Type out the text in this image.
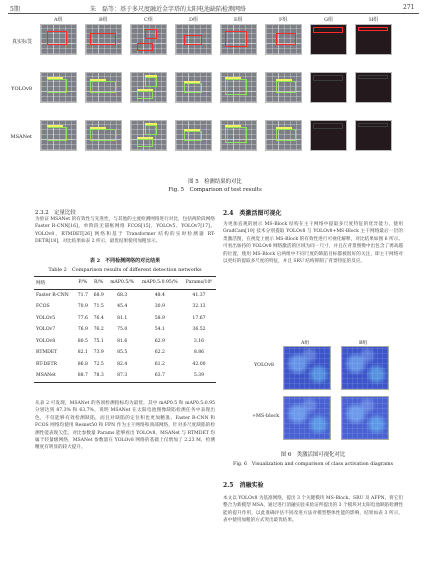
5期	朱　磊等：基于多尺度融近金字塔的太阳电池缺陷检测网络	271
A组	B组	C组	D组	E组	F组	G组	H组
真实标签
YOLOv8
MSANet
图 5　检测结果的对比
Fig. 5　Comparison of test results
2.3.2　定量比较
为验证 MSANet 的有效性与先进性，与其他的主流检测网络进行对比，包括两阶段网络 Faster R-CNN[16]，单阶段无锚框网络 FCOS[15]，YOLOv5、YOLOv7[17]、YOLOv8、RTMDET[26] 网络和基于 Transformer 结构的实时检测器 RT-DETR[18]，对比结果如表 2 所示，最优结果使用加粗显示。
表 2　不同检测网络的对比结果
Table 2　Comparison results of different detection networks
网络	P/%	R/%	mAP0.5/%	mAP0.5:0.95/%	Params/10⁶
Faster R-CNN	71.7	68.9	68.3	48.4	41.37
FCOS	70.9	71.5	45.4	30.9	32.13
YOLOv5	77.6	76.4	81.1	58.9	17.67
YOLOv7	76.9	76.2	75.0	54.1	36.52
YOLOv8	80.5	75.1	81.6	62.9	3.16
RTMDET	82.1	73.9	85.5	62.2	8.86
RT-DETR	86.8	72.5	82.4	61.2	42.00
MSANet	88.7	78.3	87.3	63.7	5.39
从表 2 可发现，MSANet 的各项检测指标均为最优，其中 mAP0.5 和 mAP0.5:0.95 分别达到 87.3% 和 63.7%，说明 MSANet 在太阳电池图像缺陷检测任务中表现出色，不仅能够有效检测缺陷，而且对缺陷的定位积也更加精准。Faster R-CNN 和 FCOS 网络均使用 Resnet50 和 FPN 作为主干网络和颈部网络，针对多尺度缺陷的检测性能表现欠佳。对比参数量 Params 能够看出 YOLOv8、MSANet 与 RTMDET 均属于轻量级网络，MSANet 参数量在 YOLOv8 网络的基础上仅增加了 2.23 M，检测精度有明显的较大提升。
2.4　类激活图可视化
为更加直观的展示 MS-Block 结构在主干网络中提取多尺度特征的优异能力，使用 GradCam[19] 技术分别提取 YOLOv8 与 YOLOv8+MS-Block 主干网络最后一层的类激活图，在视觉上展示 MS-Block 的有效性进行可视化解释，对比结果如图 6 所示。可看出加持的 YOLOv8 网络激活的区域为同一尺寸，并且在背景图像中出包含了诱高越的位置，使用 MS-Block 后两组中不同尺度的缺陷目标都被很好的关注，即主干网络对以更好的提取多尺度的特征，并且 SRU 结构抑制了背景特征的反应。
A组	B组
YOLOv8
+MS-block
图 6　类激活图可视化对比
Fig. 6　Visualization and comparison of class activation diagrams
2.5　消融实验
本文以 YOLOv8 为基准网络，提出 3 个关键模块 MS-Block、SRU 及 AFPN。将它们整合为新模型 MSA，通过进行消融实验来验证所提出的 3 个模块对太阳电池缺陷检测性能的提升作用，以此准确评估不同改进方法对模型整体性能的影响，结果如表 3 所示，表中使用加粗的方式突出最优结果。
